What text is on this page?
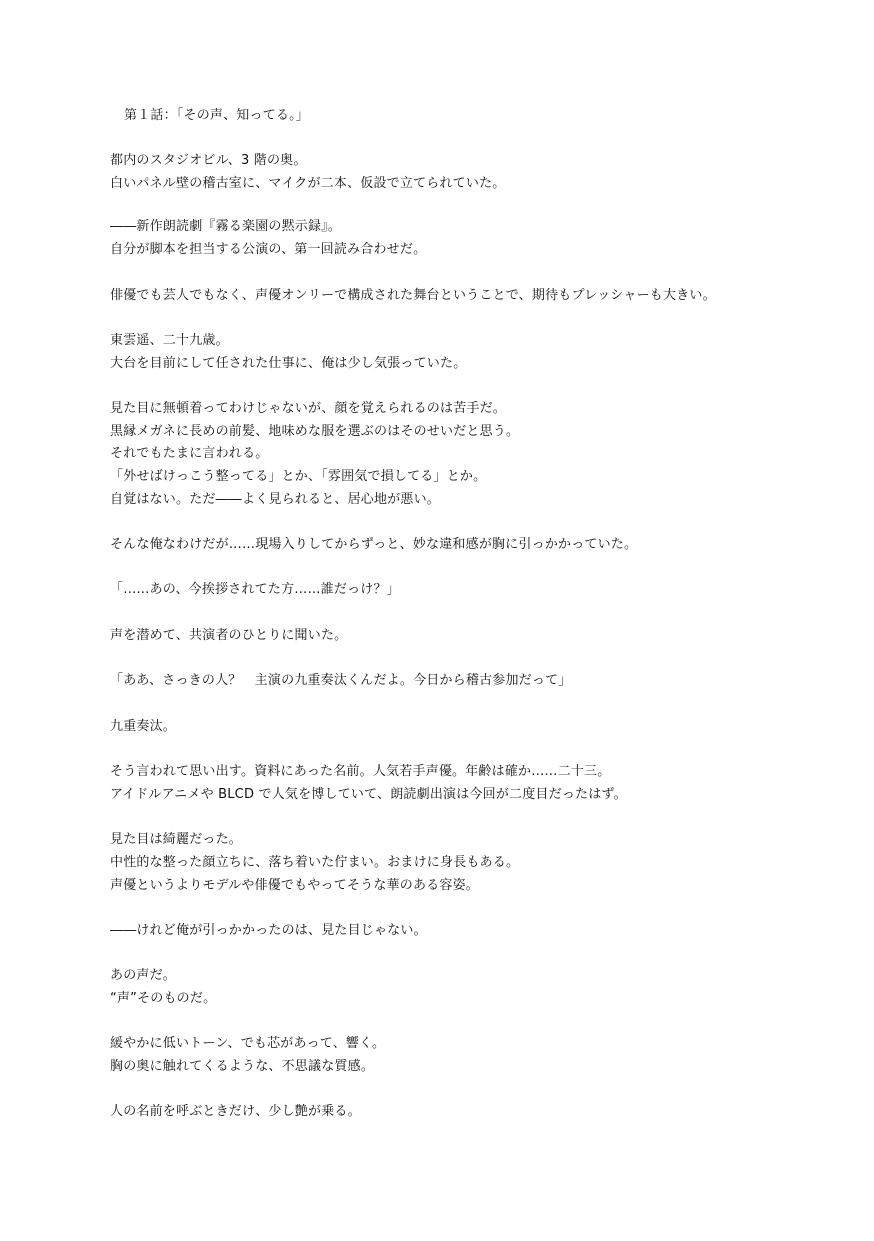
第１話：「その声、知ってる。」
都内のスタジオビル、3 階の奥。
白いパネル壁の稽古室に、マイクが二本、仮設で立てられていた。
――新作朗読劇『霧る楽園の黙示録』。
自分が脚本を担当する公演の、第一回読み合わせだ。
俳優でも芸人でもなく、声優オンリーで構成された舞台ということで、期待もプレッシャーも大きい。
東雲遥、二十九歳。
大台を目前にして任された仕事に、俺は少し気張っていた。
見た目に無頓着ってわけじゃないが、顔を覚えられるのは苦手だ。
黒縁メガネに長めの前髪、地味めな服を選ぶのはそのせいだと思う。
それでもたまに言われる。
「外せばけっこう整ってる」とか、「雰囲気で損してる」とか。
自覚はない。ただ――よく見られると、居心地が悪い。
そんな俺なわけだが……現場入りしてからずっと、妙な違和感が胸に引っかかっていた。
「……あの、今挨拶されてた方……誰だっけ？」
声を潜めて、共演者のひとりに聞いた。
「ああ、さっきの人？　主演の九重奏汰くんだよ。今日から稽古参加だって」
九重奏汰。
そう言われて思い出す。資料にあった名前。人気若手声優。年齢は確か……二十三。
アイドルアニメや BLCD で人気を博していて、朗読劇出演は今回が二度目だったはず。
見た目は綺麗だった。
中性的な整った顔立ちに、落ち着いた佇まい。おまけに身長もある。
声優というよりモデルや俳優でもやってそうな華のある容姿。
――けれど俺が引っかかったのは、見た目じゃない。
あの声だ。
“声”そのものだ。
緩やかに低いトーン、でも芯があって、響く。
胸の奥に触れてくるような、不思議な質感。
人の名前を呼ぶときだけ、少し艶が乗る。
